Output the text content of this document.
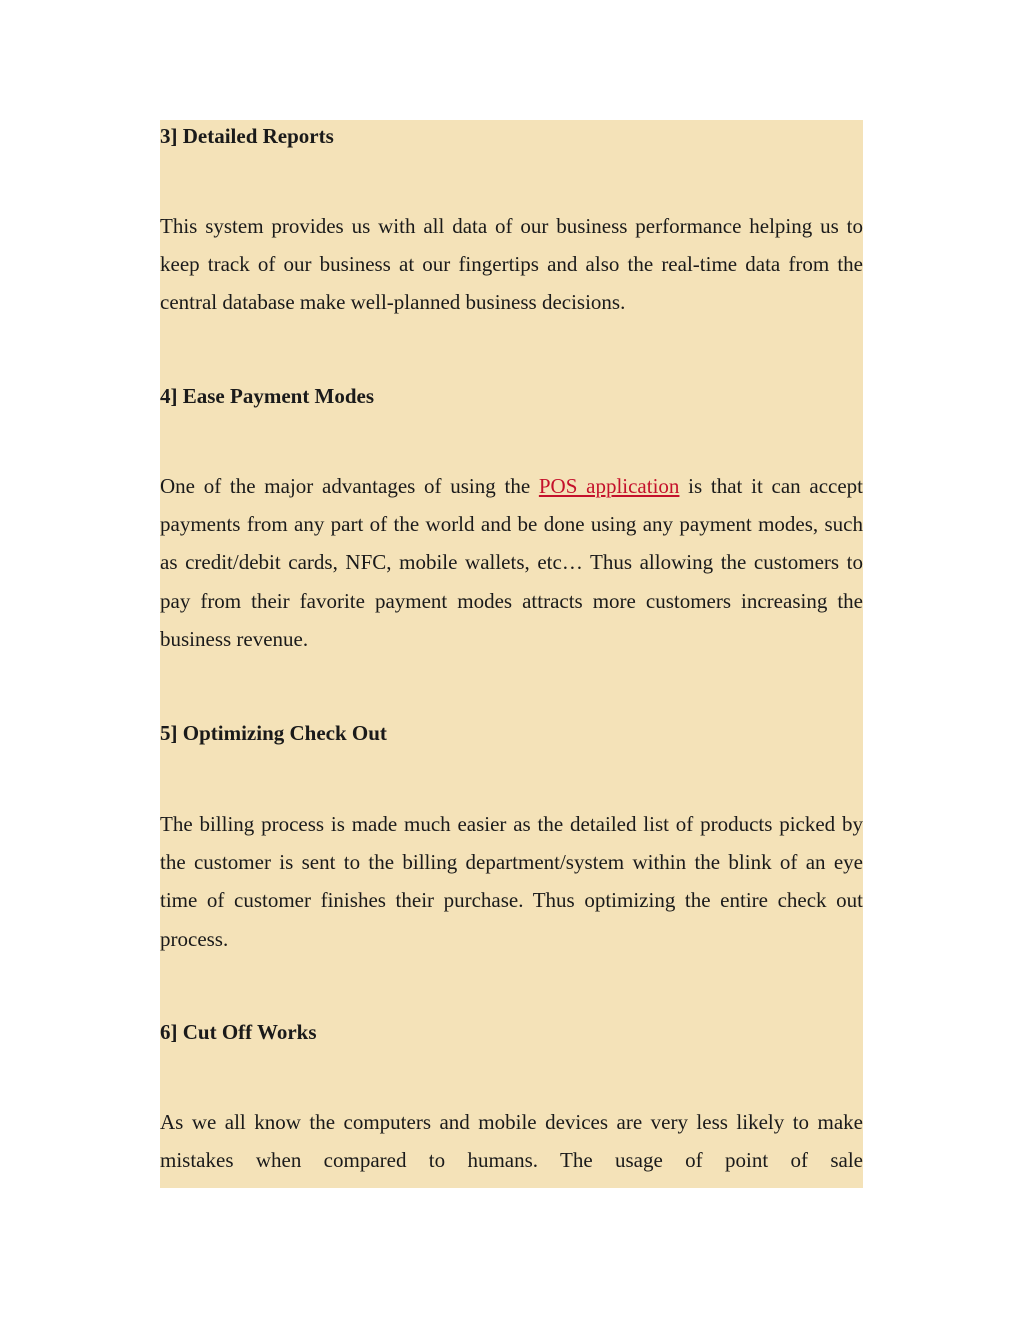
3] Detailed Reports

This system provides us with all data of our business performance helping us to keep track of our business at our fingertips and also the real-time data from the central database make well-planned business decisions.

4] Ease Payment Modes

One of the major advantages of using the POS application is that it can accept payments from any part of the world and be done using any payment modes, such as credit/debit cards, NFC, mobile wallets, etc… Thus allowing the customers to pay from their favorite payment modes attracts more customers increasing the business revenue.

5] Optimizing Check Out

The billing process is made much easier as the detailed list of products picked by the customer is sent to the billing department/system within the blink of an eye time of customer finishes their purchase. Thus optimizing the entire check out process.

6] Cut Off Works

As we all know the computers and mobile devices are very less likely to make mistakes when compared to humans. The usage of point of sale
